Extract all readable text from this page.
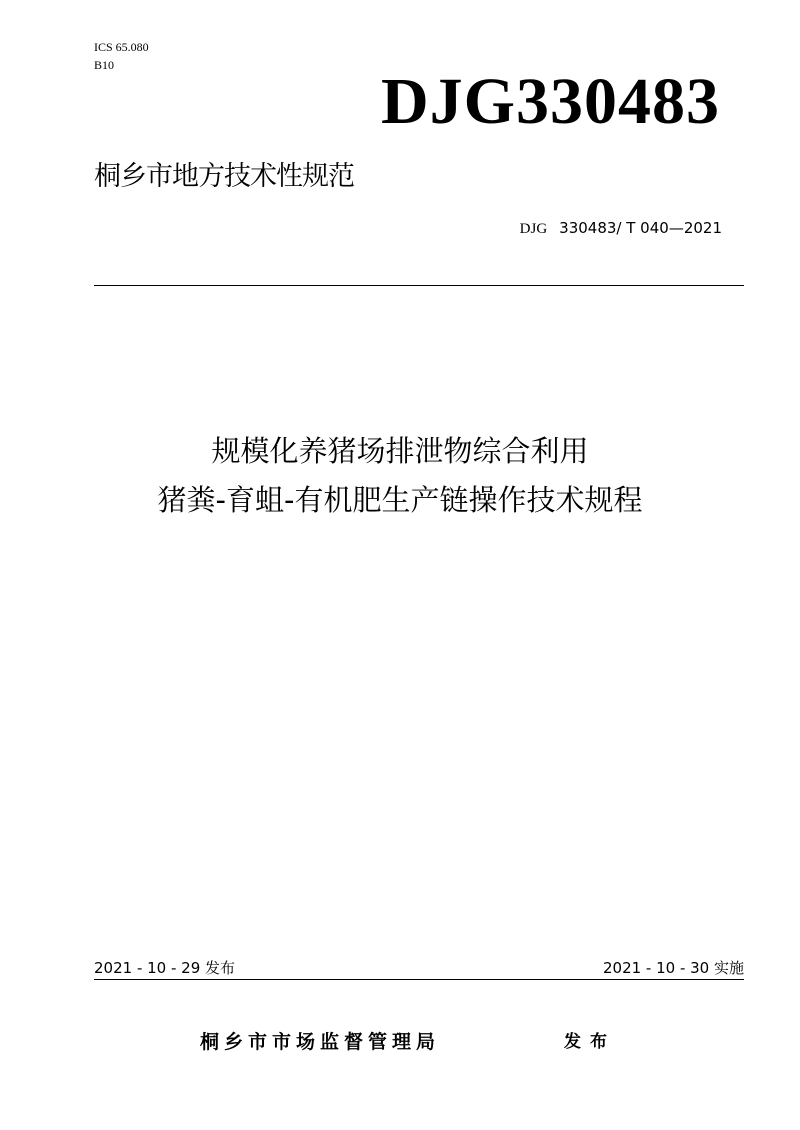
ICS 65.080
B10	DJG330483
桐乡市地方技术性规范
DJG 330483/ T 040—2021
规模化养猪场排泄物综合利用
猪粪-育蛆-有机肥生产链操作技术规程
2021 - 10 - 29 发布	2021 - 10 - 30 实施
桐乡市市场监督管理局	发布
